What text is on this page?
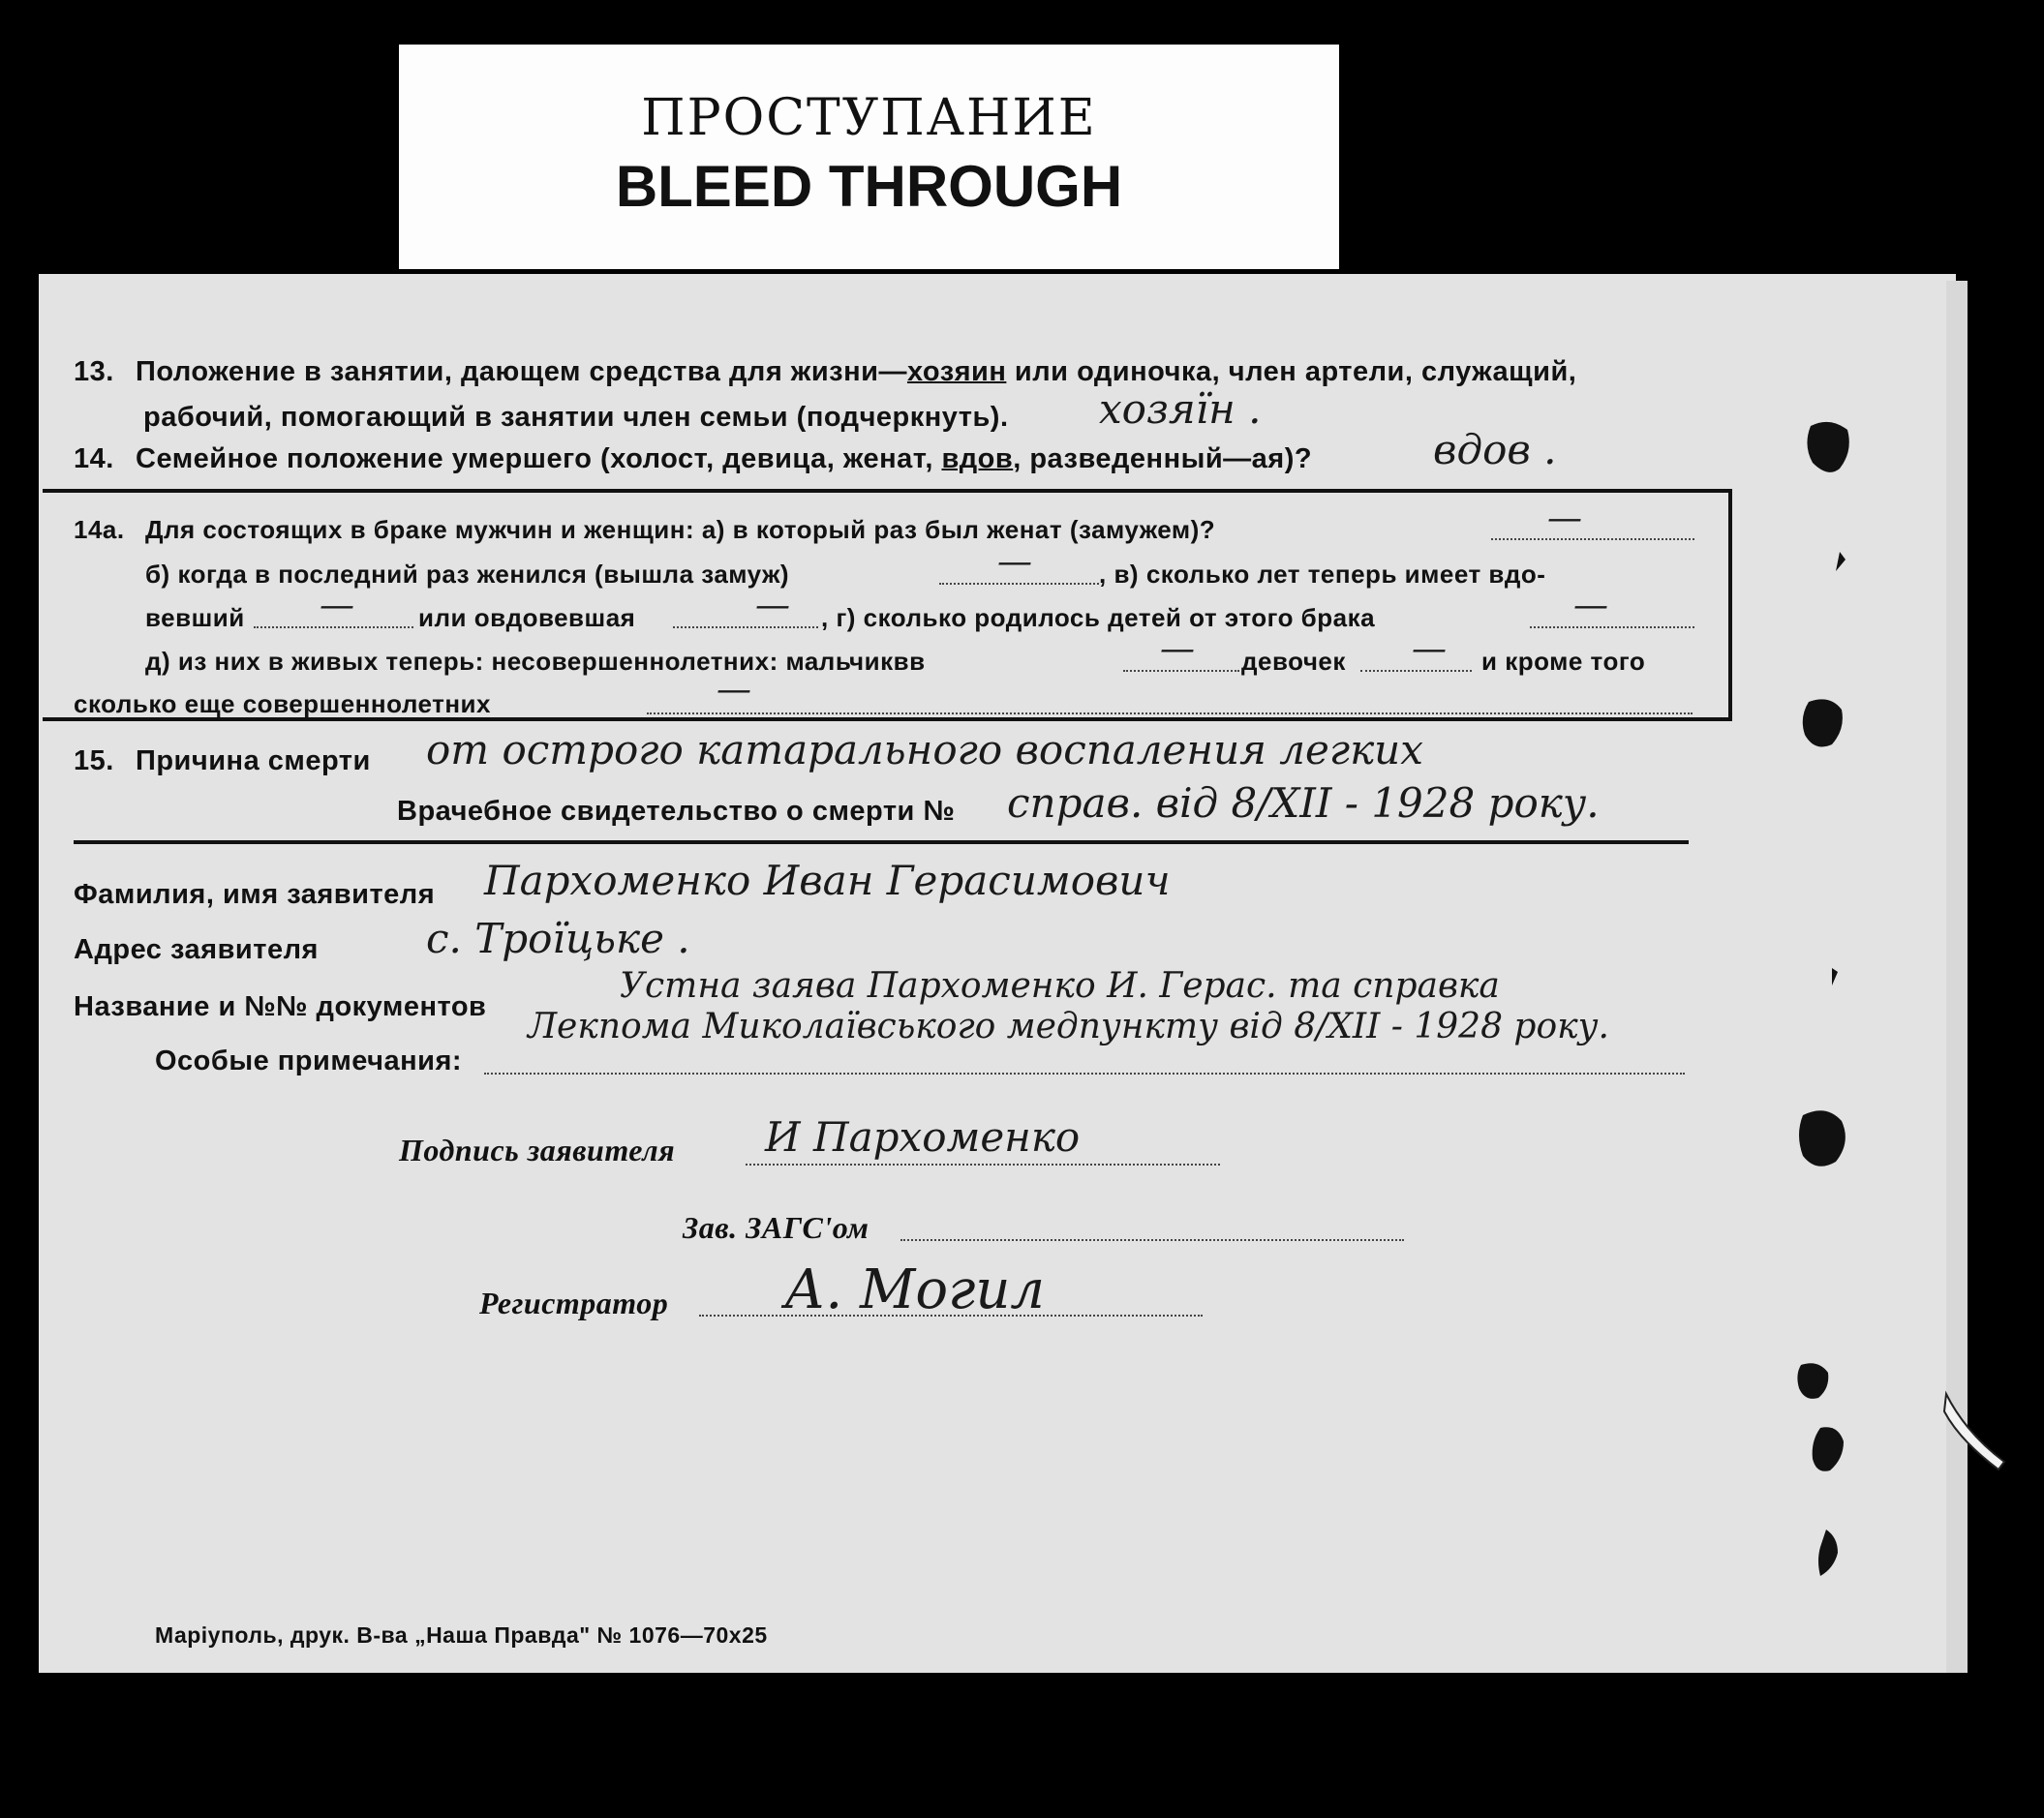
ПРОСТУПАНИЕ
BLEED THROUGH
13. Положение в занятии, дающем средства для жизни—хозяин или одиночка, член артели, служащий,
рабочий, помогающий в занятии член семьи (подчеркнуть). хозяїн .
14. Семейное положение умершего (холост, девица, женат, вдов, разведенный—ая)?	вдов .
14а. Для состоящих в браке мужчин и женщин: а) в который раз был женат (замужем)?	—
б) когда в последний раз женился (вышла замуж)	—	, в) сколько лет теперь имеет вдо-
вевший —	или овдовевшая	— , г) сколько родилось детей от этого брака	—
д) из них в живых теперь: несовершеннолетних: мальчиквв	— девочек — и кроме того
сколько еще совершеннолетних	—
15. Причина смерти от острого катарального воспаления легких
Врачебное свидетельство о смерти № справ. від 8/XII - 1928 року.
Фамилия, имя заявителя Пархоменко Иван Герасимович
Адрес заявителя	с. Троїцьке .
Название и №№ документов
Устна заява Пархоменко И. Герас. та справка
Лекпома Миколаївського медпункту від 8/XII - 1928 року.
Особые примечания:
Подпись заявителя И Пархоменко
Зав. ЗАГС'ом
Регистратор А. Могил
Маріуполь, друк. В-ва „Наша Правда" № 1076—70х25
